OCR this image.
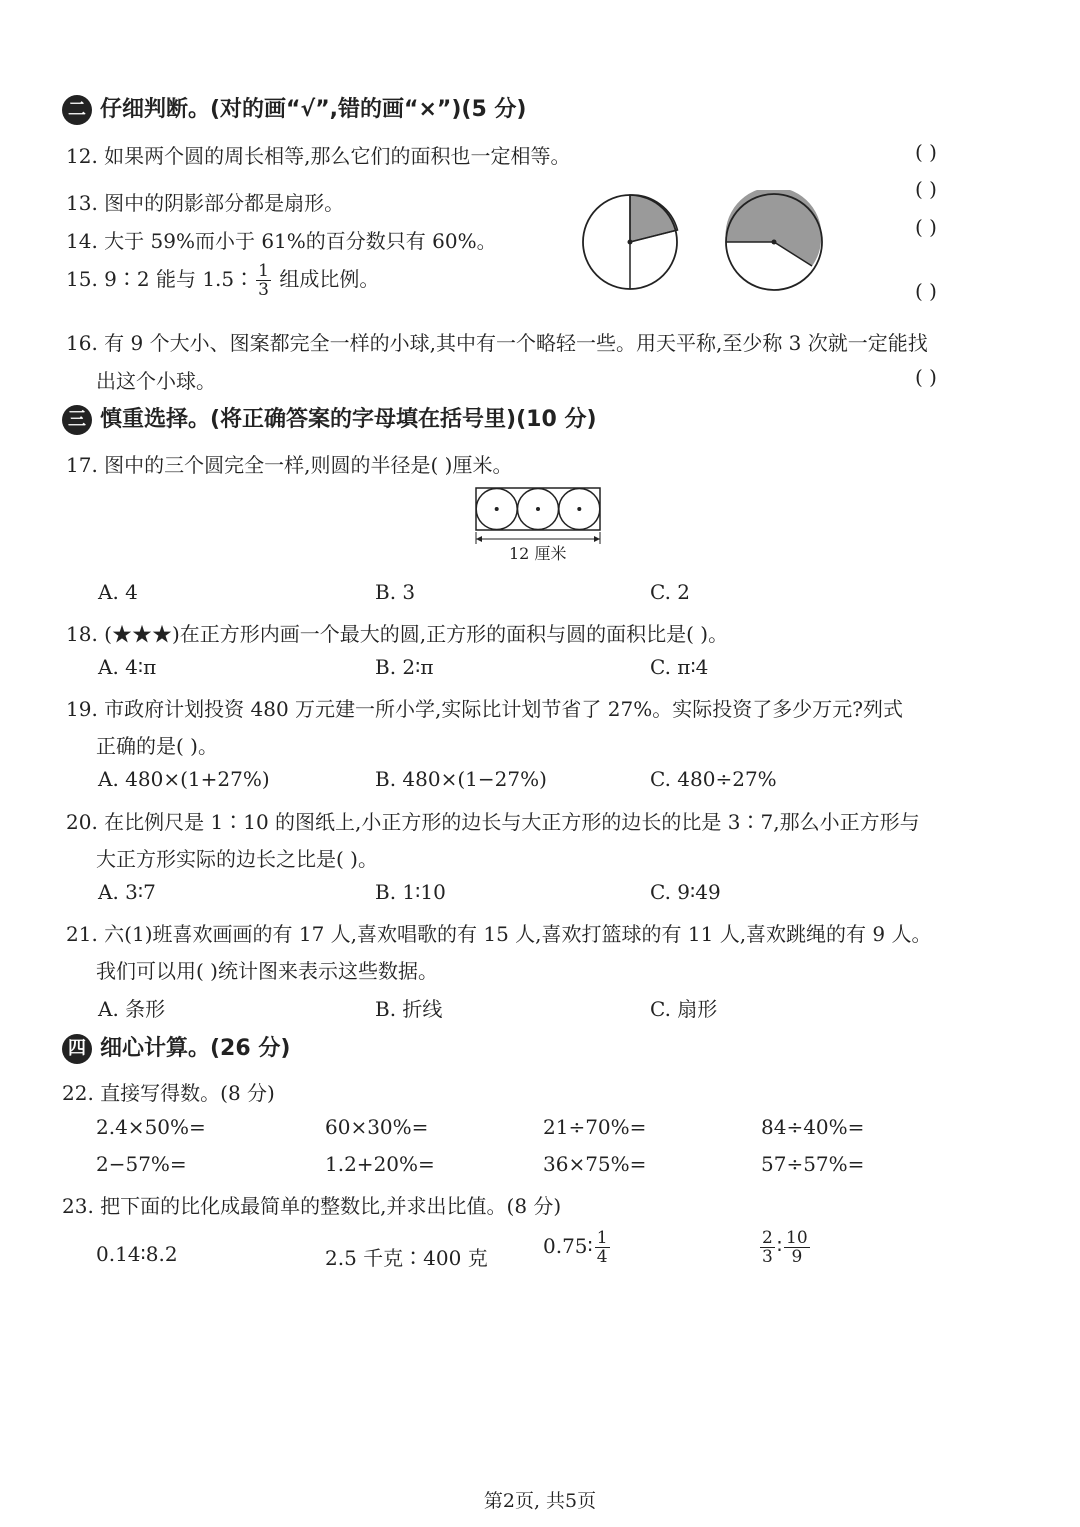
二 仔细判断。(对的画“√”,错的画“×”)(5 分)
12. 如果两个圆的周长相等,那么它们的面积也一定相等。	( )
13. 图中的阴影部分都是扇形。
( )
14. 大于 59%而小于 61%的百分数只有 60%。
( )
15. 9∶2 能与 1.5∶ $\frac{1}{3}$ 组成比例。	( )
16. 有 9 个大小、图案都完全一样的小球,其中有一个略轻一些。用天平称,至少称 3 次就一定能找
出这个小球。	( )
三 慎重选择。(将正确答案的字母填在括号里)(10 分)
17. 图中的三个圆完全一样,则圆的半径是( )厘米。
12 厘米
A. 4	B. 3	C. 2
18. (★★★)在正方形内画一个最大的圆,正方形的面积与圆的面积比是( )。
A. 4∶π	B. 2∶π	C. π∶4
19. 市政府计划投资 480 万元建一所小学,实际比计划节省了 27%。实际投资了多少万元?列式
正确的是( )。
A. 480×(1+27%)	B. 480×(1−27%)	C. 480÷27%
20. 在比例尺是 1∶10 的图纸上,小正方形的边长与大正方形的边长的比是 3∶7,那么小正方形与
大正方形实际的边长之比是( )。
A. 3∶7	B. 1∶10	C. 9∶49
21. 六(1)班喜欢画画的有 17 人,喜欢唱歌的有 15 人,喜欢打篮球的有 11 人,喜欢跳绳的有 9 人。
我们可以用( )统计图来表示这些数据。
A. 条形	B. 折线	C. 扇形
四 细心计算。(26 分)
22. 直接写得数。(8 分)
2.4×50%=	60×30%=	21÷70%=	84÷40%=
2−57%=	1.2+20%=	36×75%=	57÷57%=
23. 把下面的比化成最简单的整数比,并求出比值。(8 分)
0.14∶8.2	2.5 千克∶400 克	0.75∶ $\frac{1}{4}$	$\frac{2}{3}$ ∶ $\frac{10}{9}$
第2页, 共5页
